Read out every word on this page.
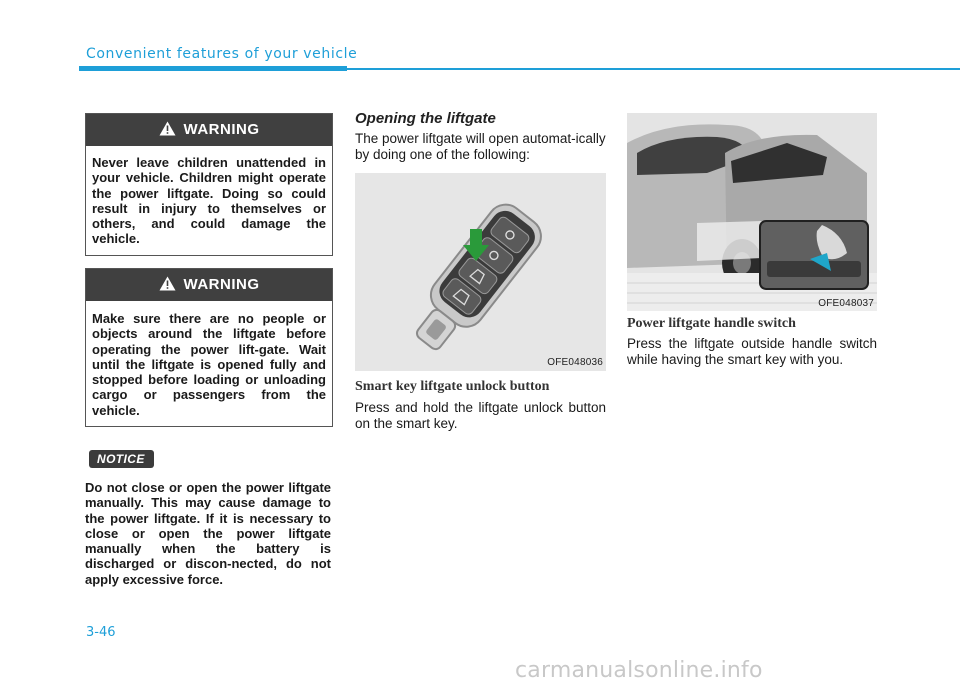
Convenient features of your vehicle
WARNING
Never leave children unattended in your vehicle. Children might operate the power liftgate. Doing so could result in injury to themselves or others, and could damage the vehicle.
WARNING
Make sure there are no people or objects around the liftgate before operating the power lift-gate. Wait until the liftgate is opened fully and stopped before loading or unloading cargo or passengers from the vehicle.
NOTICE
Do not close or open the power liftgate manually. This may cause damage to the power liftgate. If it is necessary to close or open the power liftgate manually when the battery is discharged or discon-nected, do not apply excessive force.
Opening the liftgate
The power liftgate will open automat-ically by doing one of the following:
OFE048036
Smart key liftgate unlock button
Press and hold the liftgate unlock button on the smart key.
OFE048037
Power liftgate handle switch
Press the liftgate outside handle switch while having the smart key with you.
3-46
carmanualsonline.info
